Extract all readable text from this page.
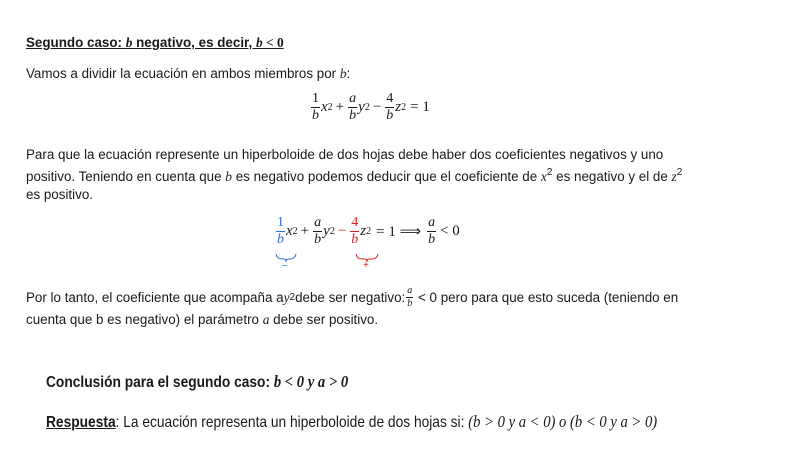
Segundo caso: b negativo, es decir, b < 0
Vamos a dividir la ecuación en ambos miembros por b:
$\frac{1}{b}$ x $2 + \frac{a}{b}$ y $2 - \frac{4}{b}$ z 2 = 1
Para que la ecuación represente un hiperboloide de dos hojas debe haber dos coeficientes negativos y uno
positivo. Teniendo en cuenta que b es negativo podemos deducir que el coeficiente de $x^2$ es negativo y el de $z^2$
es positivo.
$\frac{1}{b}$ x $2 + \frac{a}{b}$ y $2 - \frac{4}{b}$ z 2 = 1 ⟹ $\frac{a}{b} < 0$
−	+
Por lo tanto, el coeficiente que acompaña a y 2 debe ser negativo: $\frac{a}{b} < 0$ pero para que esto suceda (teniendo en
cuenta que b es negativo) el parámetro a debe ser positivo.
Conclusión para el segundo caso: b < 0 y a > 0
Respuesta: La ecuación representa un hiperboloide de dos hojas si: (b > 0 y a < 0) o (b < 0 y a > 0)
